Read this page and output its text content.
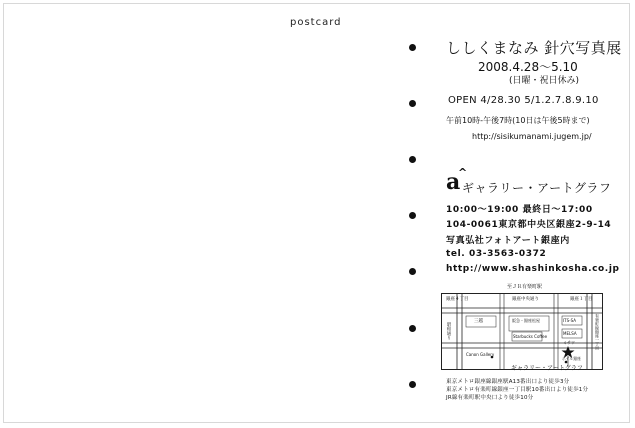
postcard
ししくまなみ 針穴写真展
2008.4.28〜5.10
(日曜・祝日休み)
OPEN 4/28.30 5/1.2.7.8.9.10
午前10時-午後7時(10日は午後5時まで)
http://sisikumanami.jugem.jp/
a
^
ギャラリー・アートグラフ
10:00〜19:00 最終日〜17:00
104-0061東京都中央区銀座2-9-14
写真弘社フォトアート銀座内
tel. 03-3563-0372
http://www.shashinkosha.co.jp
至ＪＲ有楽町駅
銀座４丁目	銀座中央通り	銀座１丁目
三越	阪急・銀座松屋	ITS-SA
MELSA
Starbucks Coffee
ミサワ
Canon Gallery
昭和通り	有楽町線銀座一丁目
ホテル銀座
ギャラリー・アートグラフ
東京メトロ銀座線銀座駅A13番出口より徒歩3分
東京メトロ有楽町線銀座一丁目駅10番出口より徒歩1分
JR線有楽町駅中央口より徒歩10分
